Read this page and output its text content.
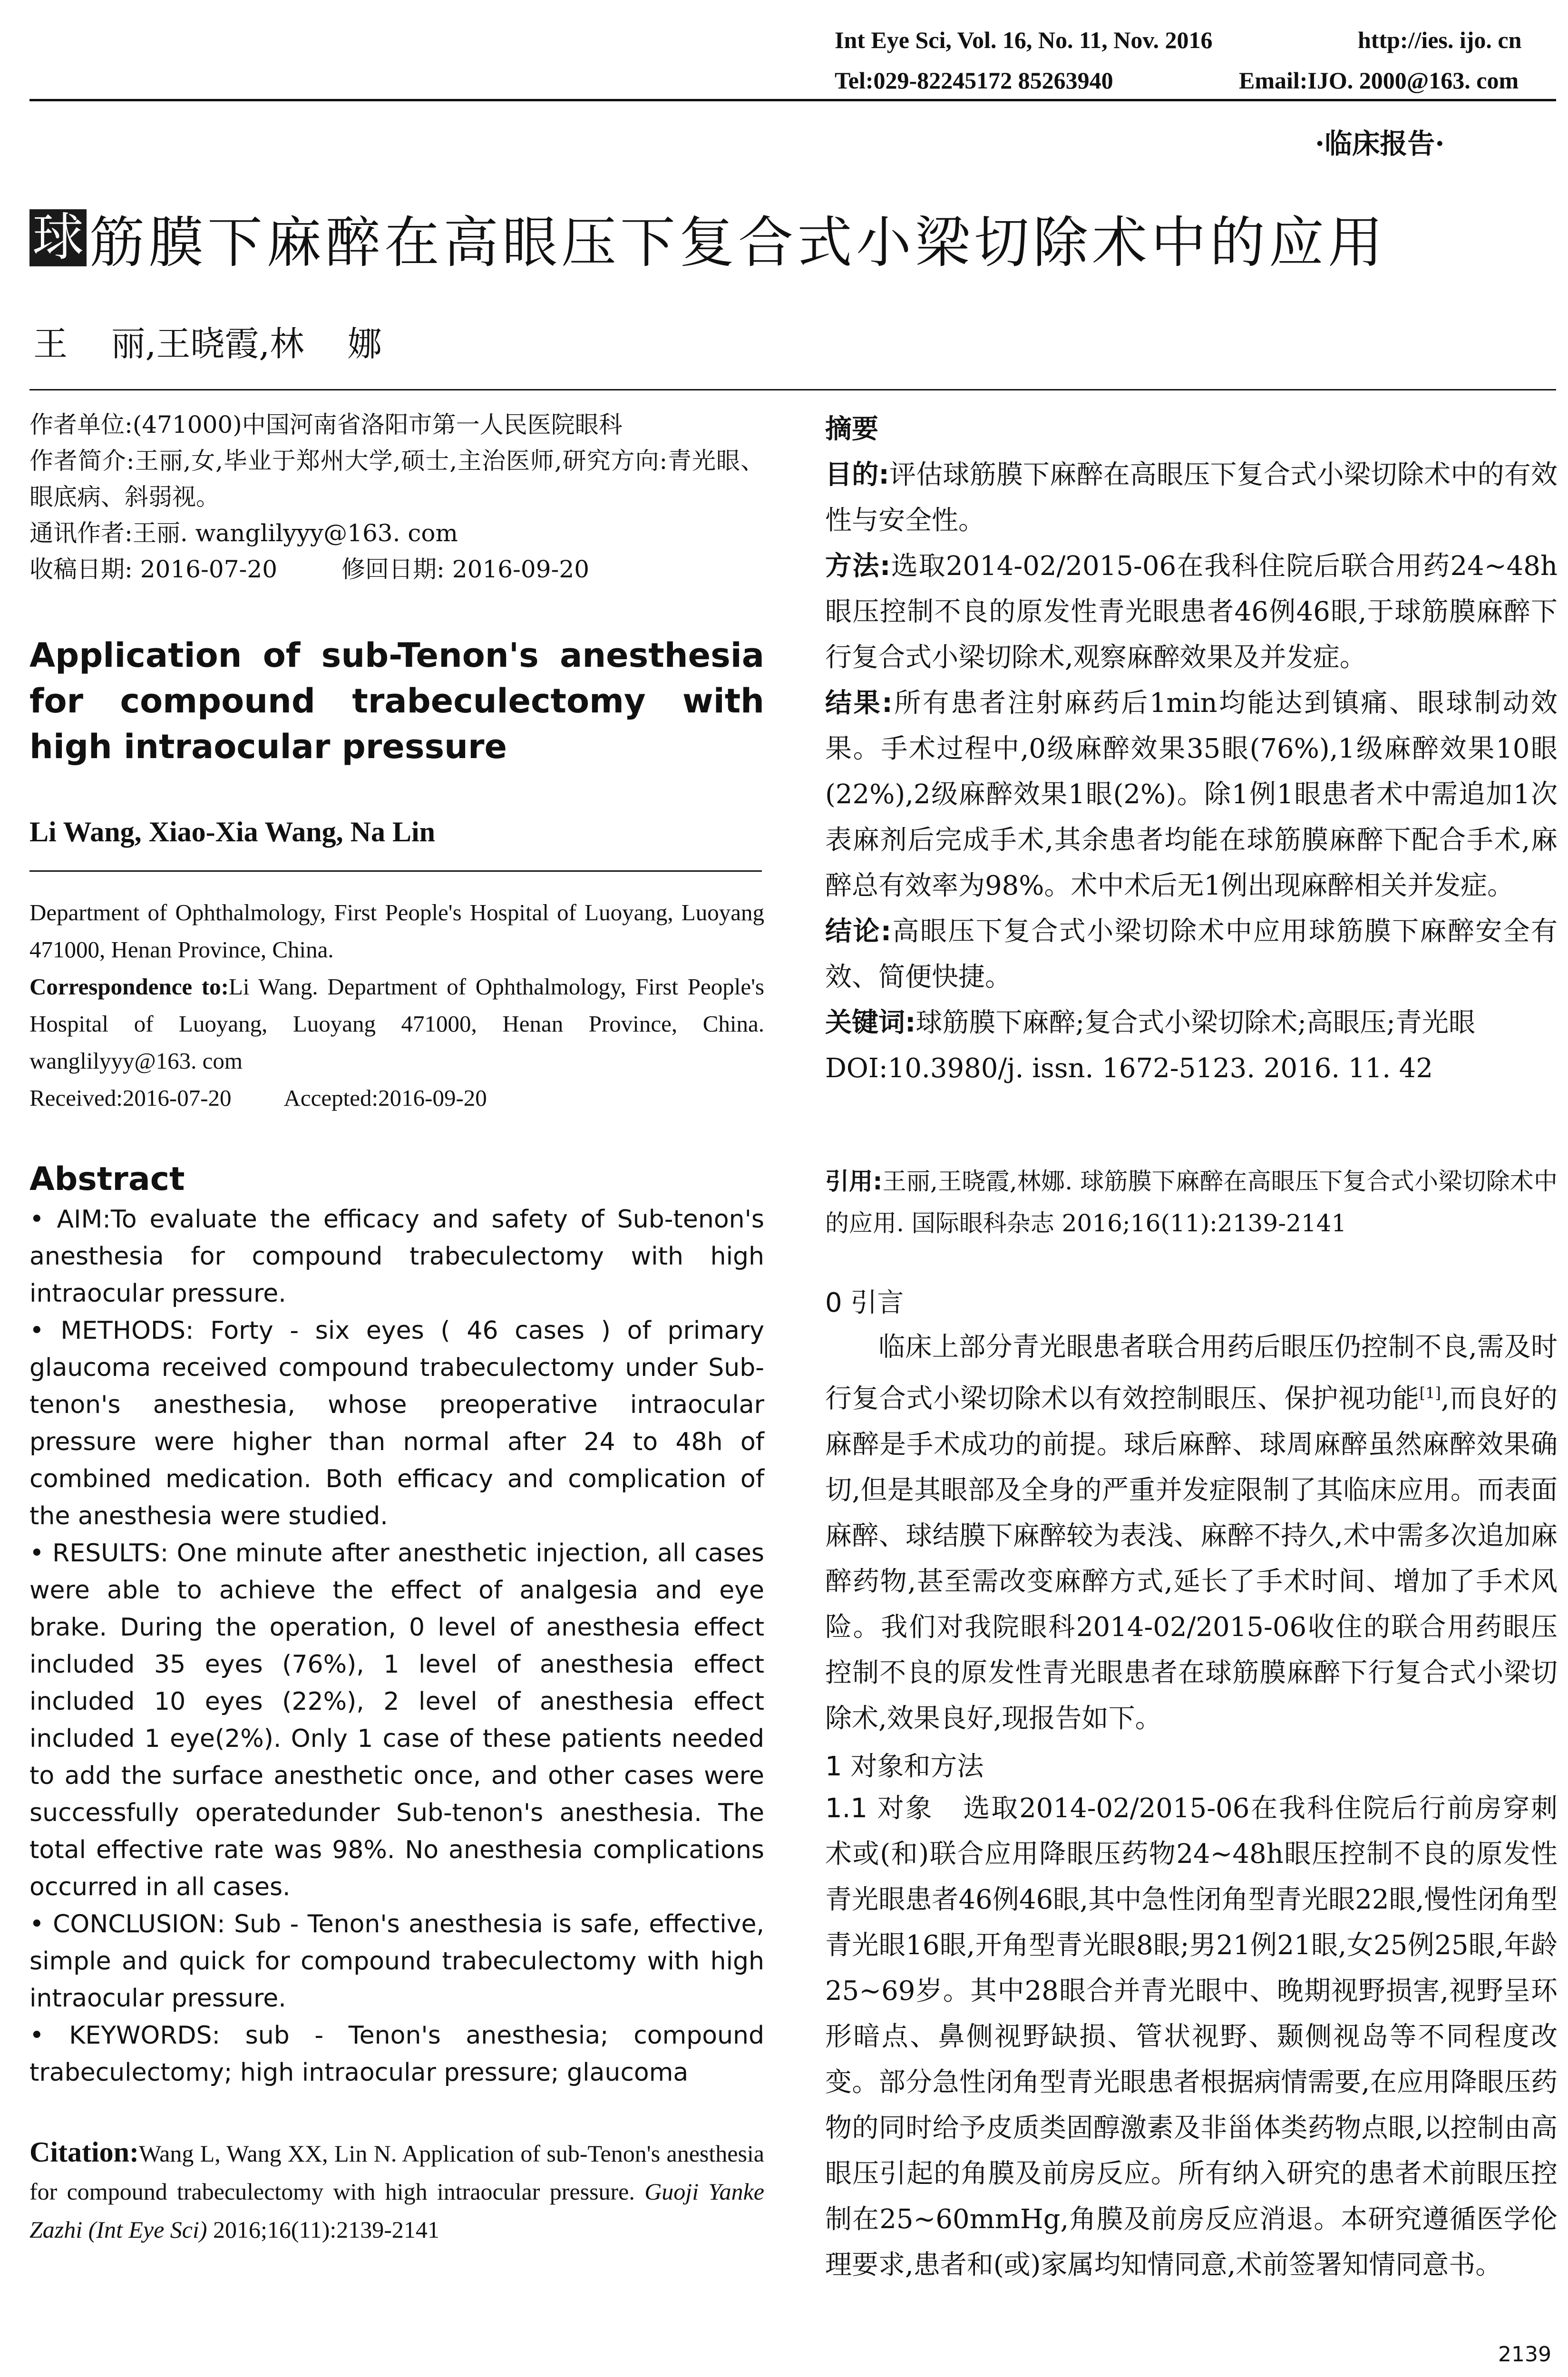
Int Eye Sci, Vol. 16, No. 11, Nov. 2016	http://ies. ijo. cn
Tel:029-82245172 85263940	Email:IJO. 2000@163. com
·临床报告·
球 筋膜下麻醉在高眼压下复合式小梁切除术中的应用
王    丽,王晓霞,林    娜
作者单位:(471000)中国河南省洛阳市第一人民医院眼科
作者简介:王丽,女,毕业于郑州大学,硕士,主治医师,研究方向:青光眼、眼底病、斜弱视。
通讯作者:王丽. wanglilyyy@163. com
收稿日期: 2016-07-20	修回日期: 2016-09-20
Application of sub-Tenon's anesthesia for compound trabeculectomy with high intraocular pressure
Li Wang, Xiao-Xia Wang, Na Lin
Department of Ophthalmology, First People's Hospital of Luoyang, Luoyang 471000, Henan Province, China.
Correspondence to:Li Wang. Department of Ophthalmology, First People's Hospital of Luoyang, Luoyang 471000, Henan Province, China. wanglilyyy@163. com
Received:2016-07-20 Accepted:2016-09-20
Abstract

• AIM:To evaluate the efficacy and safety of Sub-tenon's anesthesia for compound trabeculectomy with high intraocular pressure.

• METHODS: Forty - six eyes ( 46 cases ) of primary glaucoma received compound trabeculectomy under Sub-tenon's anesthesia, whose preoperative intraocular pressure were higher than normal after 24 to 48h of combined medication. Both efficacy and complication of the anesthesia were studied.

• RESULTS: One minute after anesthetic injection, all cases were able to achieve the effect of analgesia and eye brake. During the operation, 0 level of anesthesia effect included 35 eyes (76%), 1 level of anesthesia effect included 10 eyes (22%), 2 level of anesthesia effect included 1 eye(2%). Only 1 case of these patients needed to add the surface anesthetic once, and other cases were successfully operatedunder Sub-tenon's anesthesia. The total effective rate was 98%. No anesthesia complications occurred in all cases.

• CONCLUSION: Sub - Tenon's anesthesia is safe, effective, simple and quick for compound trabeculectomy with high intraocular pressure.

• KEYWORDS: sub - Tenon's anesthesia; compound trabeculectomy; high intraocular pressure; glaucoma

Citation:Wang L, Wang XX, Lin N. Application of sub-Tenon's anesthesia for compound trabeculectomy with high intraocular pressure. Guoji Yanke Zazhi (Int Eye Sci) 2016;16(11):2139-2141

摘要

目的:评估球筋膜下麻醉在高眼压下复合式小梁切除术中的有效性与安全性。

方法:选取2014-02/2015-06在我科住院后联合用药24~48h眼压控制不良的原发性青光眼患者46例46眼,于球筋膜麻醉下行复合式小梁切除术,观察麻醉效果及并发症。

结果:所有患者注射麻药后1min均能达到镇痛、眼球制动效果。手术过程中,0级麻醉效果35眼(76%),1级麻醉效果10眼(22%),2级麻醉效果1眼(2%)。除1例1眼患者术中需追加1次表麻剂后完成手术,其余患者均能在球筋膜麻醉下配合手术,麻醉总有效率为98%。术中术后无1例出现麻醉相关并发症。

结论:高眼压下复合式小梁切除术中应用球筋膜下麻醉安全有效、简便快捷。

关键词:球筋膜下麻醉;复合式小梁切除术;高眼压;青光眼

DOI:10.3980/j. issn. 1672-5123. 2016. 11. 42

引用:王丽,王晓霞,林娜. 球筋膜下麻醉在高眼压下复合式小梁切除术中的应用. 国际眼科杂志 2016;16(11):2139-2141
0 引言
临床上部分青光眼患者联合用药后眼压仍控制不良,需及时行复合式小梁切除术以有效控制眼压、保护视功能[1],而良好的麻醉是手术成功的前提。球后麻醉、球周麻醉虽然麻醉效果确切,但是其眼部及全身的严重并发症限制了其临床应用。而表面麻醉、球结膜下麻醉较为表浅、麻醉不持久,术中需多次追加麻醉药物,甚至需改变麻醉方式,延长了手术时间、增加了手术风险。我们对我院眼科2014-02/2015-06收住的联合用药眼压控制不良的原发性青光眼患者在球筋膜麻醉下行复合式小梁切除术,效果良好,现报告如下。
1 对象和方法
1.1 对象 选取2014-02/2015-06在我科住院后行前房穿刺术或(和)联合应用降眼压药物24~48h眼压控制不良的原发性青光眼患者46例46眼,其中急性闭角型青光眼22眼,慢性闭角型青光眼16眼,开角型青光眼8眼;男21例21眼,女25例25眼,年龄25~69岁。其中28眼合并青光眼中、晚期视野损害,视野呈环形暗点、鼻侧视野缺损、管状视野、颞侧视岛等不同程度改变。部分急性闭角型青光眼患者根据病情需要,在应用降眼压药物的同时给予皮质类固醇激素及非甾体类药物点眼,以控制由高眼压引起的角膜及前房反应。所有纳入研究的患者术前眼压控制在25~60mmHg,角膜及前房反应消退。本研究遵循医学伦理要求,患者和(或)家属均知情同意,术前签署知情同意书。
2139
